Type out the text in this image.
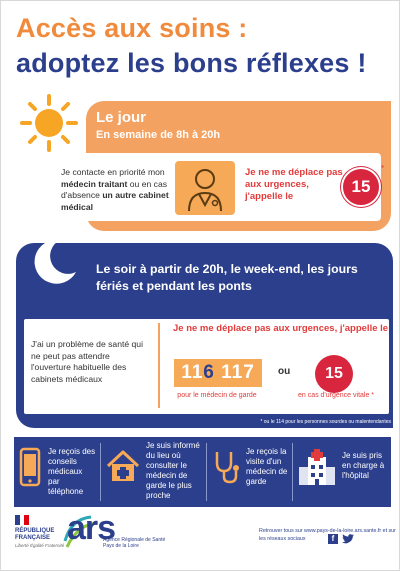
Accès aux soins :
adoptez les bons réflexes !
Le jour
En semaine de 8h à 20h
Je contacte en priorité mon médecin traitant ou en cas d'absence un autre cabinet médical
Je ne me déplace pas aux urgences, j'appelle le
15
*
Le soir à partir de 20h, le week-end, les jours fériés et pendant les ponts
J'ai un problème de santé qui ne peut pas attendre l'ouverture habituelle des cabinets médicaux
Je ne me déplace pas aux urgences, j'appelle le
11 6 117 ou	15
pour le médecin de garde	en cas d'urgence vitale *
* ou le 114 pour les personnes sourdes ou malentendantes
Je reçois des conseils médicaux par téléphone
Je suis informé du lieu où consulter le médecin de garde le plus proche
Je reçois la visite d'un médecin de garde
Je suis pris en charge à l'hôpital
RÉPUBLIQUE
FRANÇAISE
Liberté Égalité Fraternité ars
Agence Régionale de Santé
Pays de la Loire
Retrouver tous sur www.pays-de-la-loire.ars.sante.fr et sur les réseaux sociaux	f
